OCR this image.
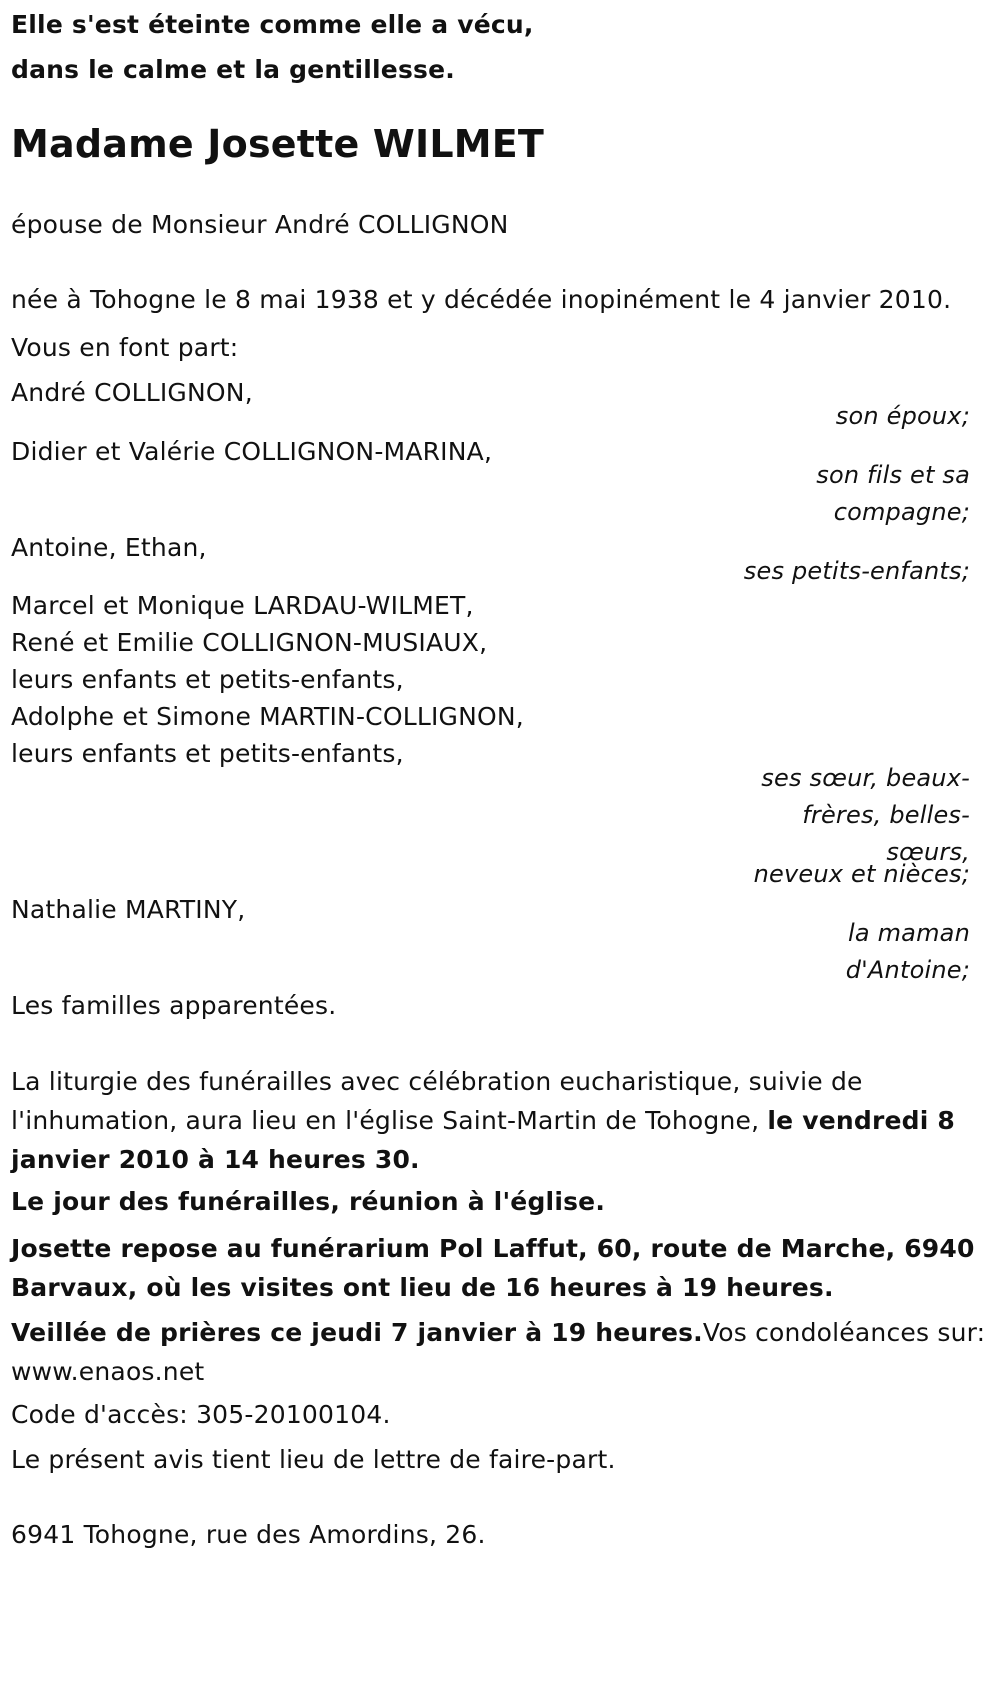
Elle s'est éteinte comme elle a vécu,
dans le calme et la gentillesse.
Madame Josette WILMET
épouse de Monsieur André COLLIGNON
née à Tohogne le 8 mai 1938 et y décédée inopinément le 4 janvier 2010.
Vous en font part:
André COLLIGNON,
son époux;
Didier et Valérie COLLIGNON-MARINA,
son fils et sa
compagne;
Antoine, Ethan,
ses petits-enfants;
Marcel et Monique LARDAU-WILMET,
René et Emilie COLLIGNON-MUSIAUX,
leurs enfants et petits-enfants,
Adolphe et Simone MARTIN-COLLIGNON,
leurs enfants et petits-enfants,
ses sœur, beaux-
frères, belles-
sœurs,
neveux et nièces;
Nathalie MARTINY,
la maman
d'Antoine;
Les familles apparentées.
La liturgie des funérailles avec célébration eucharistique, suivie de l'inhumation, aura lieu en l'église Saint-Martin de Tohogne, le vendredi 8 janvier 2010 à 14 heures 30.
Le jour des funérailles, réunion à l'église.
Josette repose au funérarium Pol Laffut, 60, route de Marche, 6940 Barvaux, où les visites ont lieu de 16 heures à 19 heures.
Veillée de prières ce jeudi 7 janvier à 19 heures.Vos condoléances sur: www.enaos.net
Code d'accès: 305-20100104.
Le présent avis tient lieu de lettre de faire-part.
6941 Tohogne, rue des Amordins, 26.
